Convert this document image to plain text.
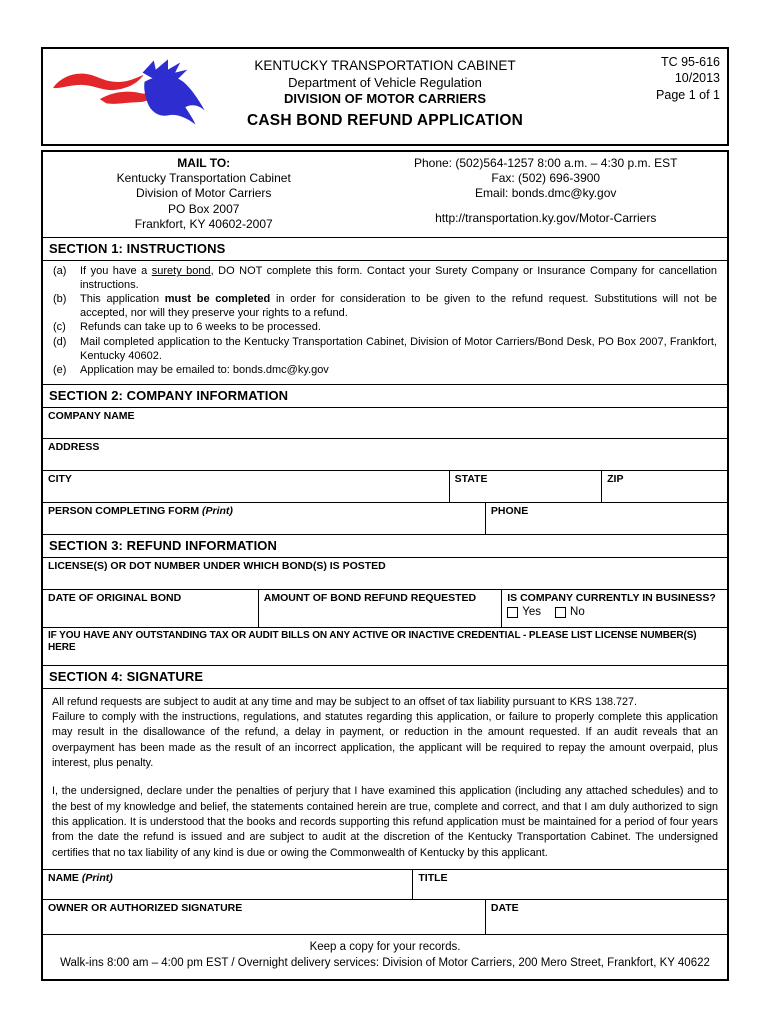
KENTUCKY TRANSPORTATION CABINET
Department of Vehicle Regulation
DIVISION OF MOTOR CARRIERS
TC 95-616
10/2013
Page 1 of 1
CASH BOND REFUND APPLICATION
MAIL TO:
Kentucky Transportation Cabinet
Division of Motor Carriers
PO Box 2007
Frankfort, KY 40602-2007
Phone: (502)564-1257 8:00 a.m. – 4:30 p.m. EST
Fax: (502) 696-3900
Email: bonds.dmc@ky.gov
http://transportation.ky.gov/Motor-Carriers
SECTION 1: INSTRUCTIONS
(a)	If you have a surety bond, DO NOT complete this form. Contact your Surety Company or Insurance Company for cancellation instructions.
(b)	This application must be completed in order for consideration to be given to the refund request. Substitutions will not be accepted, nor will they preserve your rights to a refund.
(c)	Refunds can take up to 6 weeks to be processed.
(d)	Mail completed application to the Kentucky Transportation Cabinet, Division of Motor Carriers/Bond Desk, PO Box 2007, Frankfort, Kentucky 40602.
(e)	Application may be emailed to: bonds.dmc@ky.gov
SECTION 2: COMPANY INFORMATION
COMPANY NAME
ADDRESS
CITY	STATE	ZIP
PERSON COMPLETING FORM (Print)	PHONE
SECTION 3: REFUND INFORMATION
LICENSE(S) OR DOT NUMBER UNDER WHICH BOND(S) IS POSTED
DATE OF ORIGINAL BOND	AMOUNT OF BOND REFUND REQUESTED	IS COMPANY CURRENTLY IN BUSINESS?
Yes	No
IF YOU HAVE ANY OUTSTANDING TAX OR AUDIT BILLS ON ANY ACTIVE OR INACTIVE CREDENTIAL - PLEASE LIST LICENSE NUMBER(S) HERE
SECTION 4: SIGNATURE

All refund requests are subject to audit at any time and may be subject to an offset of tax liability pursuant to KRS 138.727.

Failure to comply with the instructions, regulations, and statutes regarding this application, or failure to properly complete this application may result in the disallowance of the refund, a delay in payment, or reduction in the amount requested. If an audit reveals that an overpayment has been made as the result of an incorrect application, the applicant will be required to repay the amount overpaid, plus interest, plus penalty.

I, the undersigned, declare under the penalties of perjury that I have examined this application (including any attached schedules) and to the best of my knowledge and belief, the statements contained herein are true, complete and correct, and that I am duly authorized to sign this application. It is understood that the books and records supporting this refund application must be maintained for a period of four years from the date the refund is issued and are subject to audit at the discretion of the Kentucky Transportation Cabinet. The undersigned certifies that no tax liability of any kind is due or owing the Commonwealth of Kentucky by this applicant.

NAME (Print)	TITLE
OWNER OR AUTHORIZED SIGNATURE	DATE
Keep a copy for your records.
Walk-ins 8:00 am – 4:00 pm EST / Overnight delivery services: Division of Motor Carriers, 200 Mero Street, Frankfort, KY 40622
